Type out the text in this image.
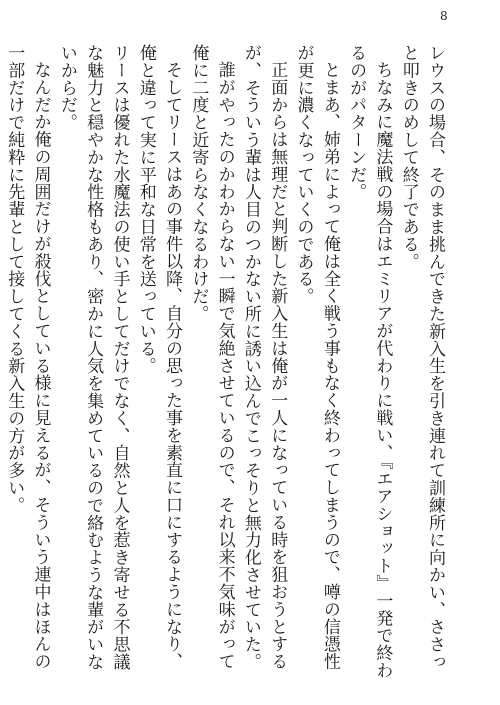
8

レウスの場合、そのまま挑んできた新入生を引き連れて訓練所に向かい、ささっと叩きのめして終了である。

ちなみに魔法戦の場合はエミリアが代わりに戦い、『エアショット』一発で終わるのがパターンだ。

とまあ、姉弟によって俺は全く戦う事もなく終わってしまうので、噂の信憑性が更に濃くなっていくのである。

正面からは無理だと判断した新入生は俺が一人になっている時を狙おうとするが、そういう輩は人目のつかない所に誘い込んでこっそりと無力化させていた。

誰がやったのかわからない一瞬で気絶させているので、それ以来不気味がって俺に二度と近寄らなくなるわけだ。

そしてリースはあの事件以降、自分の思った事を素直に口にするようになり、俺と違って実に平和な日常を送っている。

リースは優れた水魔法の使い手としてだけでなく、自然と人を惹き寄せる不思議な魅力と穏やかな性格もあり、密かに人気を集めているので絡むような輩がいないからだ。

なんだか俺の周囲だけが殺伐としている様に見えるが、そういう連中はほんの一部だけで純粋に先輩として接してくる新入生の方が多い。
